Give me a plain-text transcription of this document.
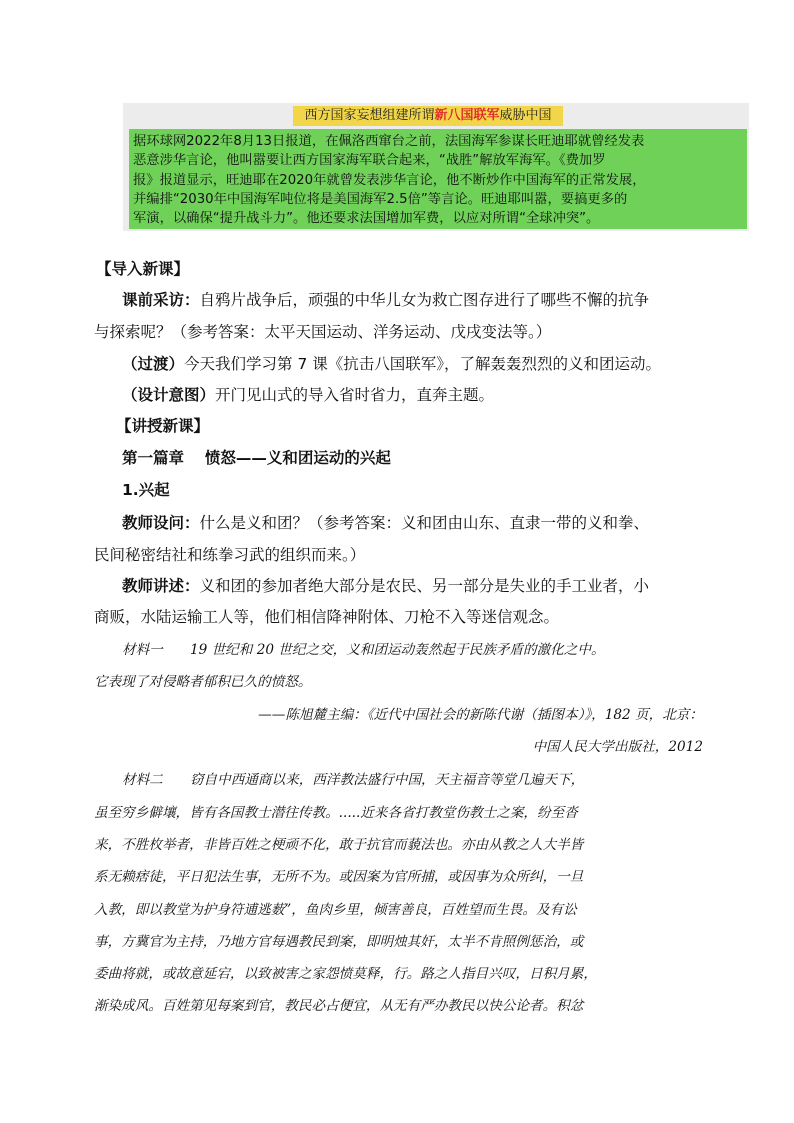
西方国家妄想组建所谓新八国联军威胁中国
据环球网2022年8月13日报道，在佩洛西窜台之前，法国海军参谋长旺迪耶就曾经发表
恶意涉华言论，他叫嚣要让西方国家海军联合起来，“战胜”解放军海军。《费加罗
报》报道显示，旺迪耶在2020年就曾发表涉华言论，他不断炒作中国海军的正常发展，
并编排“2030年中国海军吨位将是美国海军2.5倍”等言论。旺迪耶叫嚣，要搞更多的
军演，以确保“提升战斗力”。他还要求法国增加军费，以应对所谓“全球冲突”。
【导入新课】
课前采访：自鸦片战争后，顽强的中华儿女为救亡图存进行了哪些不懈的抗争
与探索呢？（参考答案：太平天国运动、洋务运动、戊戌变法等。）
（过渡）今天我们学习第 7 课《抗击八国联军》，了解轰轰烈烈的义和团运动。
（设计意图）开门见山式的导入省时省力，直奔主题。
【讲授新课】
第一篇章　 愤怒——义和团运动的兴起
1.兴起
教师设问：什么是义和团？（参考答案：义和团由山东、直隶一带的义和拳、
民间秘密结社和练拳习武的组织而来。）
教师讲述：义和团的参加者绝大部分是农民、另一部分是失业的手工业者，小
商贩，水陆运输工人等，他们相信降神附体、刀枪不入等迷信观念。
材料一　　19 世纪和 20 世纪之交，义和团运动轰然起于民族矛盾的激化之中。
它表现了对侵略者郁积已久的愤怒。
——陈旭麓主编：《近代中国社会的新陈代谢（插图本）》，182 页，北京：
中国人民大学出版社，2012
材料二　　窃自中西通商以来，西洋教法盛行中国，天主福音等堂几遍天下，
虽至穷乡僻壤，皆有各国教士潜往传教。.....近来各省打教堂伤教士之案，纷至沓
来，不胜枚举者，非皆百姓之梗顽不化，敢于抗官而藐法也。亦由从教之人大半皆
系无赖痞徒，平日犯法生事，无所不为。或因案为官所捕，或因事为众所纠，一旦
入教，即以教堂为护身符逋逃薮”，鱼肉乡里，倾害善良，百姓望而生畏。及有讼
事，方冀官为主持，乃地方官每遇教民到案，即明烛其奸，太半不肯照例惩治，或
委曲将就，或故意延宕，以致被害之家怨愤莫释，行。路之人指目兴叹，日积月累，
渐染成风。百姓第见每案到官，教民必占便宜，从无有严办教民以快公论者。积忿
